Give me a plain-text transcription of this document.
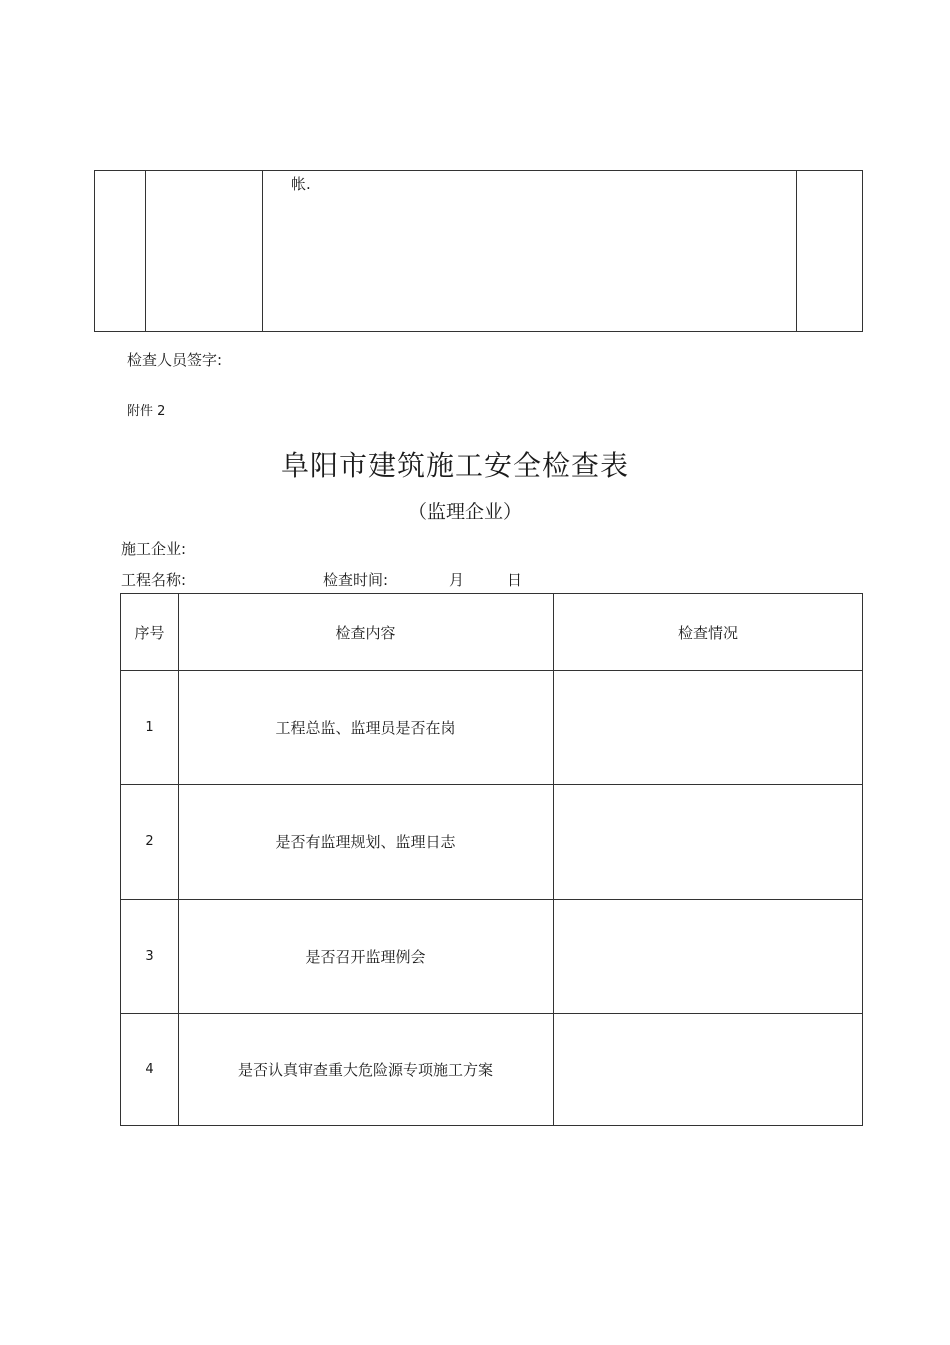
帐.
检查人员签字:
附件 2
阜阳市建筑施工安全检查表
（监理企业）
施工企业:
工程名称:	检查时间:	月	日
序号	检查内容	检查情况
1	工程总监、监理员是否在岗
2	是否有监理规划、监理日志
3	是否召开监理例会
4	是否认真审查重大危险源专项施工方案
